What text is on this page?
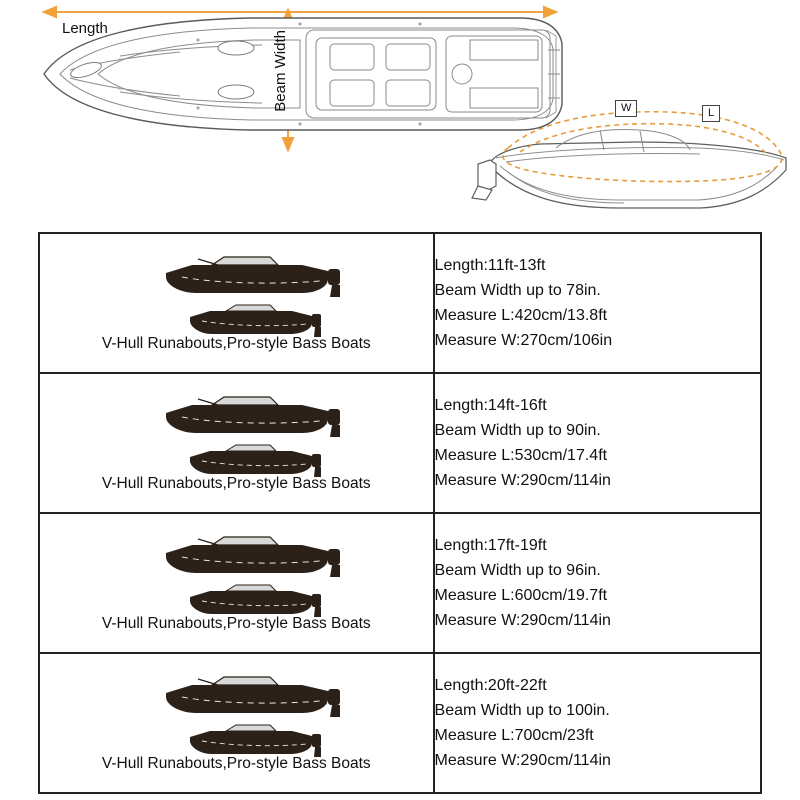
Length
Beam Width	W	L
V-Hull Runabouts,Pro-style Bass Boats	Length:11ft-13ft
Beam Width up to 78in.
Measure L:420cm/13.8ft
Measure W:270cm/106in

V-Hull Runabouts,Pro-style Bass Boats	Length:14ft-16ft
Beam Width up to 90in.
Measure L:530cm/17.4ft
Measure W:290cm/114in

V-Hull Runabouts,Pro-style Bass Boats	Length:17ft-19ft
Beam Width up to 96in.
Measure L:600cm/19.7ft
Measure W:290cm/114in

V-Hull Runabouts,Pro-style Bass Boats	Length:20ft-22ft
Beam Width up to 100in.
Measure L:700cm/23ft
Measure W:290cm/114in
